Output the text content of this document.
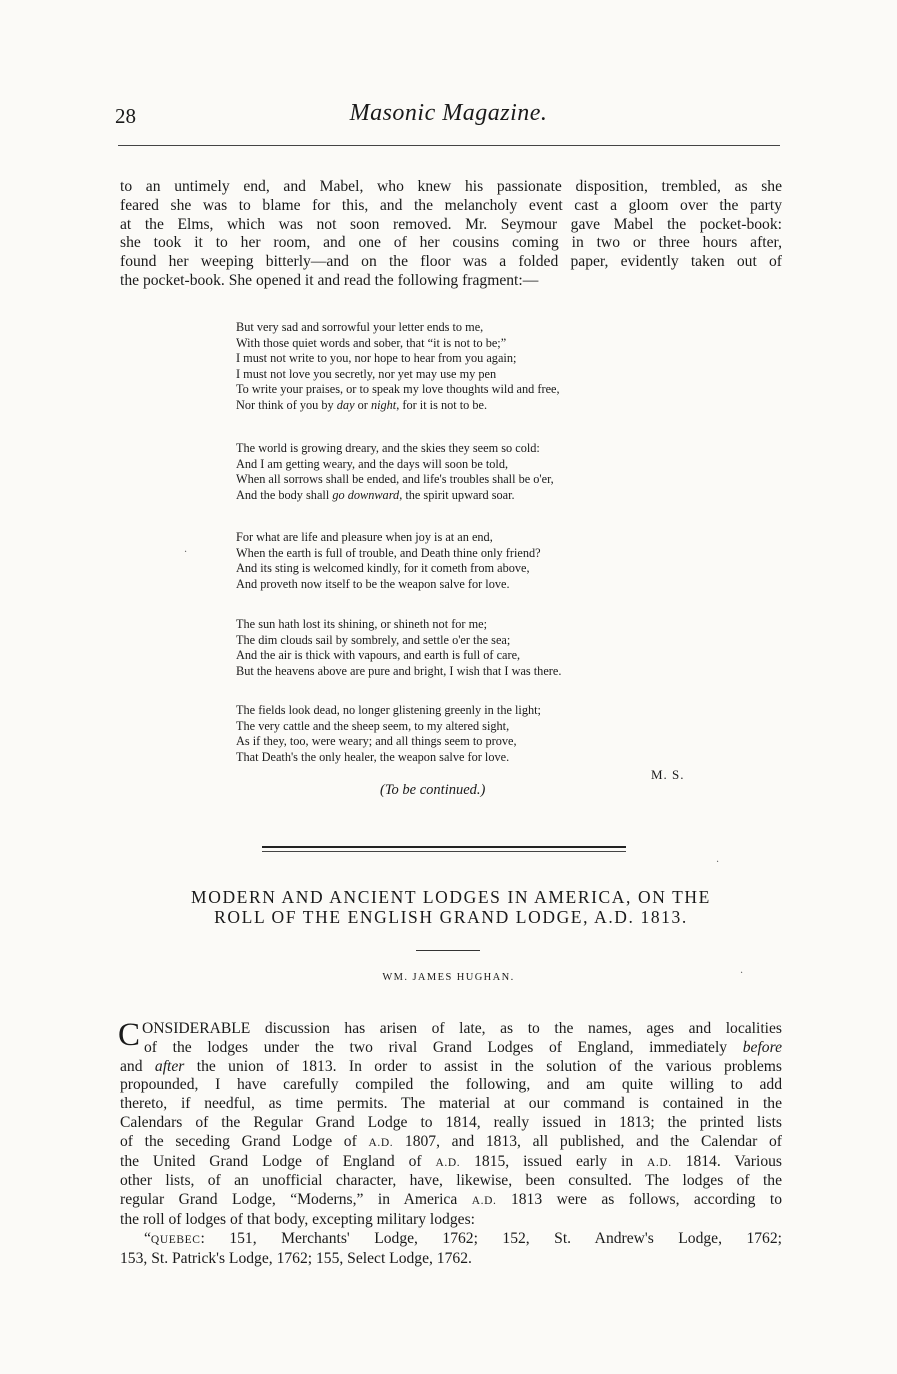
28	Masonic Magazine.
to an untimely end, and Mabel, who knew his passionate disposition, trembled, as she
feared she was to blame for this, and the melancholy event cast a gloom over the party
at the Elms, which was not soon removed. Mr. Seymour gave Mabel the pocket-book:
she took it to her room, and one of her cousins coming in two or three hours after,
found her weeping bitterly—and on the floor was a folded paper, evidently taken out of
the pocket-book. She opened it and read the following fragment:—
But very sad and sorrowful your letter ends to me,
With those quiet words and sober, that “it is not to be;”
I must not write to you, nor hope to hear from you again;
I must not love you secretly, nor yet may use my pen
To write your praises, or to speak my love thoughts wild and free,
Nor think of you by day or night, for it is not to be.
The world is growing dreary, and the skies they seem so cold:
And I am getting weary, and the days will soon be told,
When all sorrows shall be ended, and life's troubles shall be o'er,
And the body shall go downward, the spirit upward soar.
For what are life and pleasure when joy is at an end,
When the earth is full of trouble, and Death thine only friend?
And its sting is welcomed kindly, for it cometh from above,
And proveth now itself to be the weapon salve for love.
The sun hath lost its shining, or shineth not for me;
The dim clouds sail by sombrely, and settle o'er the sea;
And the air is thick with vapours, and earth is full of care,
But the heavens above are pure and bright, I wish that I was there.
The fields look dead, no longer glistening greenly in the light;
The very cattle and the sheep seem, to my altered sight,
As if they, too, were weary; and all things seem to prove,
That Death's the only healer, the weapon salve for love.
M. S.
(To be continued.)
MODERN AND ANCIENT LODGES IN AMERICA, ON THE
ROLL OF THE ENGLISH GRAND LODGE, A.D. 1813.
WM. JAMES HUGHAN.
CONSIDERABLE discussion has arisen of late, as to the names, ages and localities
of the lodges under the two rival Grand Lodges of England, immediately before
and after the union of 1813. In order to assist in the solution of the various problems
propounded, I have carefully compiled the following, and am quite willing to add
thereto, if needful, as time permits. The material at our command is contained in the
Calendars of the Regular Grand Lodge to 1814, really issued in 1813; the printed lists
of the seceding Grand Lodge of A.D. 1807, and 1813, all published, and the Calendar of
the United Grand Lodge of England of A.D. 1815, issued early in A.D. 1814. Various
other lists, of an unofficial character, have, likewise, been consulted. The lodges of the
regular Grand Lodge, “Moderns,” in America A.D. 1813 were as follows, according to
the roll of lodges of that body, excepting military lodges:
“QUEBEC: 151, Merchants' Lodge, 1762; 152, St. Andrew's Lodge, 1762;
153, St. Patrick's Lodge, 1762; 155, Select Lodge, 1762.
·
·
·
